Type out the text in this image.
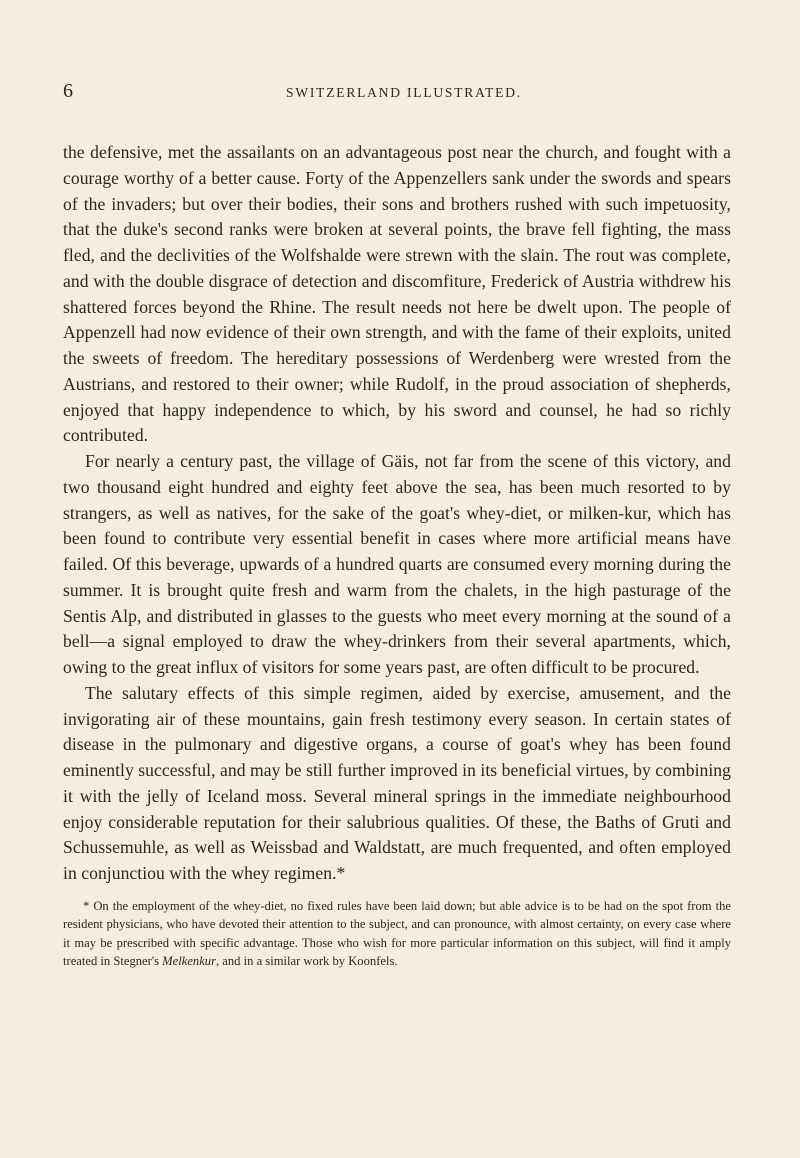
6	SWITZERLAND ILLUSTRATED.

the defensive, met the assailants on an advantageous post near the church, and fought with a courage worthy of a better cause. Forty of the Appenzellers sank under the swords and spears of the invaders; but over their bodies, their sons and brothers rushed with such impetuosity, that the duke's second ranks were broken at several points, the brave fell fighting, the mass fled, and the declivities of the Wolfshalde were strewn with the slain. The rout was complete, and with the double disgrace of detection and discomfiture, Frederick of Austria withdrew his shattered forces beyond the Rhine. The result needs not here be dwelt upon. The people of Appenzell had now evidence of their own strength, and with the fame of their exploits, united the sweets of freedom. The hereditary possessions of Werdenberg were wrested from the Austrians, and restored to their owner; while Rudolf, in the proud association of shepherds, enjoyed that happy independence to which, by his sword and counsel, he had so richly contributed.

For nearly a century past, the village of Gäis, not far from the scene of this victory, and two thousand eight hundred and eighty feet above the sea, has been much resorted to by strangers, as well as natives, for the sake of the goat's whey-diet, or milken-kur, which has been found to contribute very essential benefit in cases where more artificial means have failed. Of this beverage, upwards of a hundred quarts are consumed every morning during the summer. It is brought quite fresh and warm from the chalets, in the high pasturage of the Sentis Alp, and distributed in glasses to the guests who meet every morning at the sound of a bell—a signal employed to draw the whey-drinkers from their several apartments, which, owing to the great influx of visitors for some years past, are often difficult to be procured.

The salutary effects of this simple regimen, aided by exercise, amusement, and the invigorating air of these mountains, gain fresh testimony every season. In certain states of disease in the pulmonary and digestive organs, a course of goat's whey has been found eminently successful, and may be still further improved in its beneficial virtues, by combining it with the jelly of Iceland moss. Several mineral springs in the immediate neighbourhood enjoy considerable reputation for their salubrious qualities. Of these, the Baths of Gruti and Schussemuhle, as well as Weissbad and Waldstatt, are much frequented, and often employed in conjunctiou with the whey regimen.*

* On the employment of the whey-diet, no fixed rules have been laid down; but able advice is to be had on the spot from the resident physicians, who have devoted their attention to the subject, and can pronounce, with almost certainty, on every case where it may be prescribed with specific advantage. Those who wish for more particular information on this subject, will find it amply treated in Stegner's Melkenkur, and in a similar work by Koonfels.
